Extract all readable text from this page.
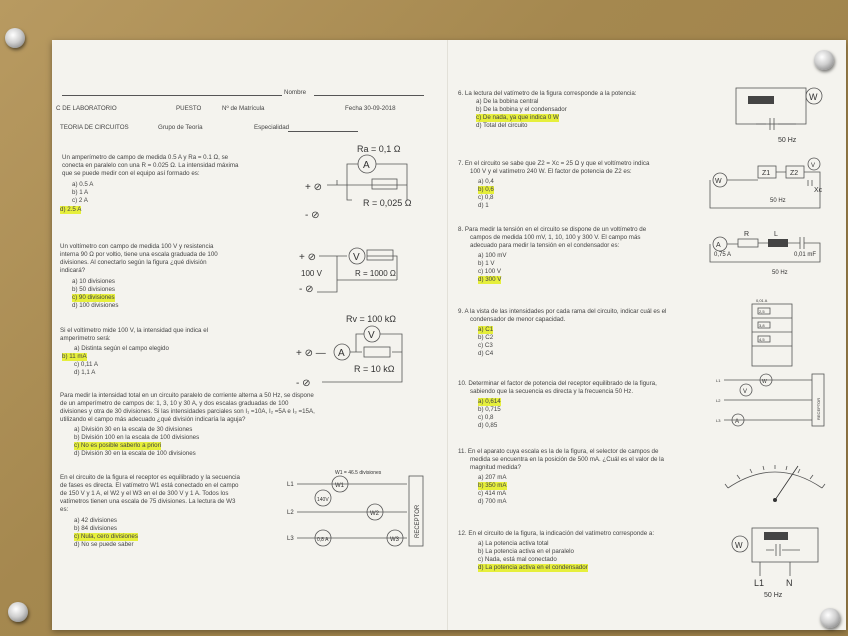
Nombre
C DE LABORATORIO	PUESTO	Nº de Matrícula	Fecha 30-09-2018
TEORIA DE CIRCUITOS	Grupo de Teoría	Especialidad
Un amperímetro de campo de medida 0.5 A y Ra = 0.1 Ω, se
conecta en paralelo con una R = 0.025 Ω. La intensidad máxima
que se puede medir con el equipo así formado es:
a) 0.5 A
b) 1 A
c) 2 A
d) 2.5 A
Ra = 0,1 Ω
A
+ ⊘
R = 0,025 Ω
- ⊘
Un voltímetro con campo de medida 100 V y resistencia
interna 90 Ω por voltio, tiene una escala graduada de 100
divisiones. Al conectarlo según la figura ¿qué división
indicará?
a) 10 divisiones
b) 50 divisiones
c) 90 divisiones
d) 100 divisiones
+ ⊘	V
100 V	R = 1000 Ω
- ⊘
Si el voltímetro mide 100 V, la intensidad que indica el
amperímetro será:
a) Distinta según el campo elegido
b) 11 mA
c) 0,11 A
d) 1,1 A
Rv = 100 kΩ
V
+ ⊘ — A
R = 10 kΩ
- ⊘
Para medir la intensidad total en un circuito paralelo de corriente alterna a 50 Hz, se dispone
de un amperímetro de campos de: 1, 3, 10 y 30 A, y dos escalas graduadas de 100
divisiones y otra de 30 divisiones. Si las intensidades parciales son I₁ =10A, I₂ =5A e I₃ =15A,
utilizando el campo más adecuado ¿qué división indicaría la aguja?
a) División 30 en la escala de 30 divisiones
b) División 100 en la escala de 100 divisiones
c) No es posible saberlo a priori
d) División 30 en la escala de 100 divisiones
En el circuito de la figura el receptor es equilibrado y la secuencia
de fases es directa. El vatímetro W1 está conectado en el campo
de 150 V y 1 A, el W2 y el W3 en el de 300 V y 1 A. Todos los
vatímetros tienen una escala de 75 divisiones. La lectura de W3
es:
a) 42 divisiones
b) 84 divisiones
c) Nula, cero divisiones
d) No se puede saber
W1 = 46.5 divisiones
L1
L2
L3
W1
W2
W3
140V
0,8 A
RECEPTOR
6. La lectura del vatímetro de la figura corresponde a la potencia:
a) De la bobina central
b) De la bobina y el condensador
c) De nada, ya que indica 0 W
d) Total del circuito
W
50 Hz
7. En el circuito se sabe que Z2 = Xc = 25 Ω y que el voltímetro indica
100 V y el vatímetro 240 W. El factor de potencia de Z2 es:
a) 0,4
b) 0,6
c) 0,8
d) 1
W
Z1	Z2
V
Xc
50 Hz
8. Para medir la tensión en el circuito se dispone de un voltímetro de
campos de medida 100 mV, 1, 10, 100 y 300 V. El campo más
adecuado para medir la tensión en el condensador es:
a) 100 mV
b) 1 V
c) 100 V
d) 300 V
A
R	L
0,75 A	0,01 mF
50 Hz
9. A la vista de las intensidades por cada rama del circuito, indicar cuál es el
condensador de menor capacidad.
a) C1
b) C2
c) C3
d) C4
0,01 A
2,5
3,8
4,5
10. Determinar el factor de potencia del receptor equilibrado de la figura,
sabiendo que la secuencia es directa y la frecuencia 50 Hz.
a) 0,614
b) 0,715
c) 0,8
d) 0,85
L1
L2
L3
V
W
A
RECEPTOR
11. En el aparato cuya escala es la de la figura, el selector de campos de
medida se encuentra en la posición de 500 mA. ¿Cuál es el valor de la
magnitud medida?
a) 207 mA
b) 350 mA
c) 414 mA
d) 700 mA
12. En el circuito de la figura, la indicación del vatímetro corresponde a:
a) La potencia activa total
b) La potencia activa en el paralelo
c) Nada, está mal conectado
d) La potencia activa en el condensador
W
L1 N
50 Hz
